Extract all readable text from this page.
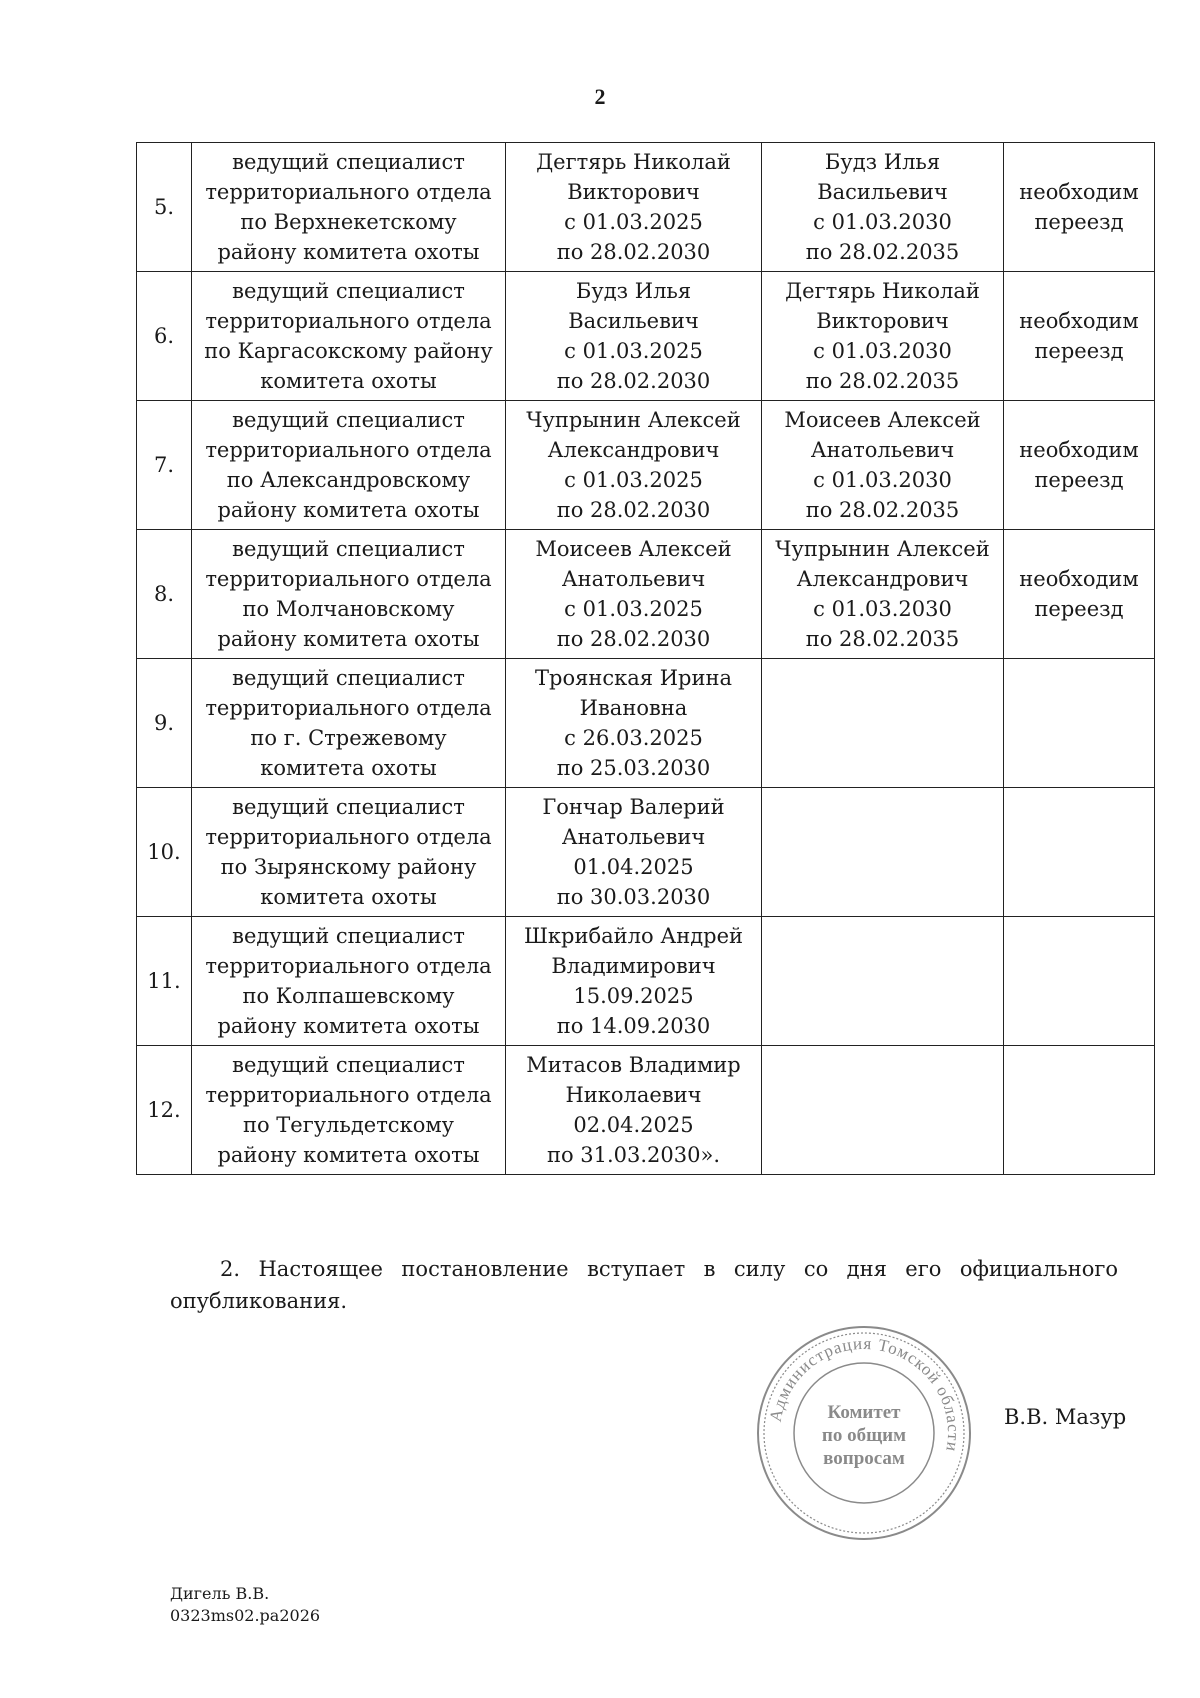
2
5.	ведущий специалист
территориального отдела
по Верхнекетскому
району комитета охоты	Дегтярь Николай
Викторович
с 01.03.2025
по 28.02.2030	Будз Илья
Васильевич
с 01.03.2030
по 28.02.2035	необходим
переезд

6.	ведущий специалист
территориального отдела
по Каргасокскому району
комитета охоты	Будз Илья
Васильевич
с 01.03.2025
по 28.02.2030	Дегтярь Николай
Викторович
с 01.03.2030
по 28.02.2035	необходим
переезд

7.	ведущий специалист
территориального отдела
по Александровскому
району комитета охоты	Чупрынин Алексей
Александрович
с 01.03.2025
по 28.02.2030	Моисеев Алексей
Анатольевич
с 01.03.2030
по 28.02.2035	необходим
переезд

8.	ведущий специалист
территориального отдела
по Молчановскому
району комитета охоты	Моисеев Алексей
Анатольевич
с 01.03.2025
по 28.02.2030	Чупрынин Алексей
Александрович
с 01.03.2030
по 28.02.2035	необходим
переезд

9.	ведущий специалист
территориального отдела
по г. Стрежевому
комитета охоты	Троянская Ирина
Ивановна
с 26.03.2025
по 25.03.2030		

10.	ведущий специалист
территориального отдела
по Зырянскому району
комитета охоты	Гончар Валерий
Анатольевич
01.04.2025
по 30.03.2030		

11.	ведущий специалист
территориального отдела
по Колпашевскому
району комитета охоты	Шкрибайло Андрей
Владимирович
15.09.2025
по 14.09.2030		

12.	ведущий специалист
территориального отдела
по Тегульдетскому
району комитета охоты	Митасов Владимир
Николаевич
02.04.2025
по 31.03.2030».		

2. Настоящее постановление вступает в силу со дня его официального опубликования.
Администрация Томской области
Комитет
по общим
вопросам
В.В. Мазур
Дигель В.В.
0323ms02.pa2026
